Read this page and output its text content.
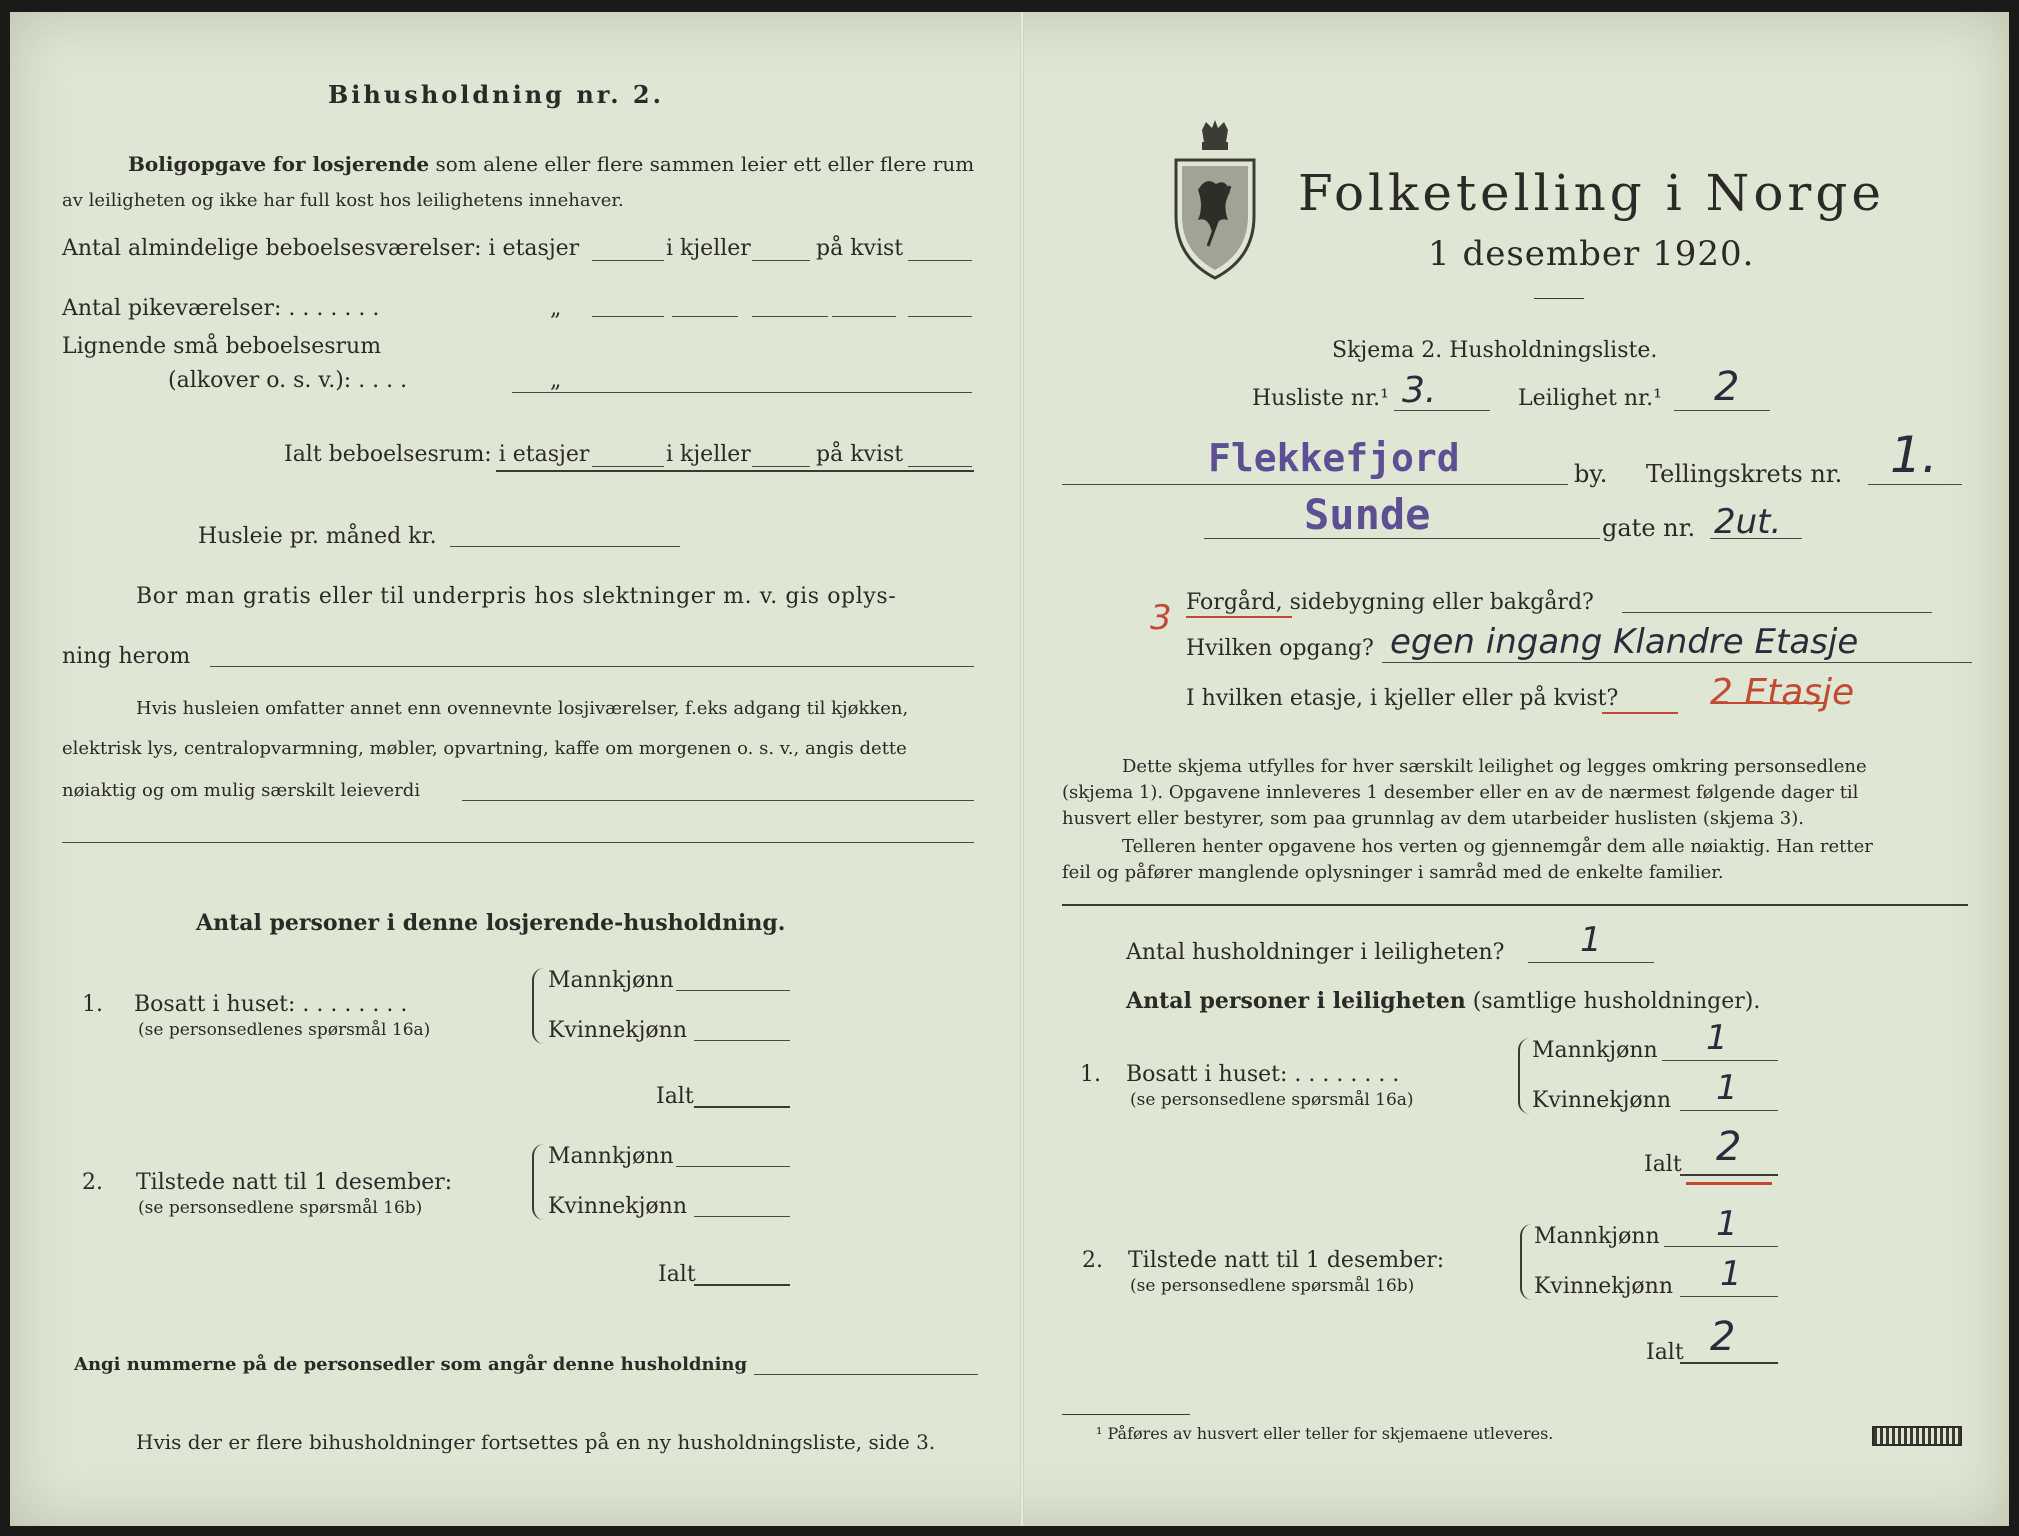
Bihusholdning nr. 2.
Boligopgave for losjerende som alene eller flere sammen leier ett eller flere rum
av leiligheten og ikke har full kost hos leilighetens innehaver.
Antal almindelige beboelsesværelser: i etasjer	i kjeller	på kvist
Antal pikeværelser: . . . . . . .	„
Lignende små beboelsesrum
(alkover o. s. v.): . . . .	„
Ialt beboelsesrum: i etasjer	i kjeller	på kvist
Husleie pr. måned kr.
Bor man gratis eller til underpris hos slektninger m. v. gis oplys-
ning herom
Hvis husleien omfatter annet enn ovennevnte losjiværelser, f.eks adgang til kjøkken,
elektrisk lys, centralopvarmning, møbler, opvartning, kaffe om morgenen o. s. v., angis dette
nøiaktig og om mulig særskilt leieverdi
Antal personer i denne losjerende-husholdning.
1. Bosatt i huset: . . . . . . . .
(se personsedlenes spørsmål 16a)
Mannkjønn
Kvinnekjønn
Ialt
2. Tilstede natt til 1 desember:
(se personsedlene spørsmål 16b)
Mannkjønn
Kvinnekjønn
Ialt
Angi nummerne på de personsedler som angår denne husholdning
Hvis der er flere bihusholdninger fortsettes på en ny husholdningsliste, side 3.
Folketelling i Norge
1 desember 1920.
Skjema 2. Husholdningsliste.
Husliste nr.¹ 3.	Leilighet nr.¹ 2
Flekkefjord	by. Tellingskrets nr. 1.
Sunde	gate nr. 2ut.
3 Forgård, sidebygning eller bakgård?
Hvilken opgang? egen ingang Klandre Etasje
I hvilken etasje, i kjeller eller på kvist?	2 Etasje
Dette skjema utfylles for hver særskilt leilighet og legges omkring personsedlene
(skjema 1). Opgavene innleveres 1 desember eller en av de nærmest følgende dager til
husvert eller bestyrer, som paa grunnlag av dem utarbeider huslisten (skjema 3).
Telleren henter opgavene hos verten og gjennemgår dem alle nøiaktig. Han retter
feil og påfører manglende oplysninger i samråd med de enkelte familier.
Antal husholdninger i leiligheten? 1
Antal personer i leiligheten (samtlige husholdninger).
1. Bosatt i huset: . . . . . . . .
(se personsedlene spørsmål 16a)
Mannkjønn 1
Kvinnekjønn 1
Ialt 2
2. Tilstede natt til 1 desember:
(se personsedlene spørsmål 16b)
Mannkjønn 1
Kvinnekjønn 1
Ialt 2
¹ Påføres av husvert eller teller for skjemaene utleveres.
